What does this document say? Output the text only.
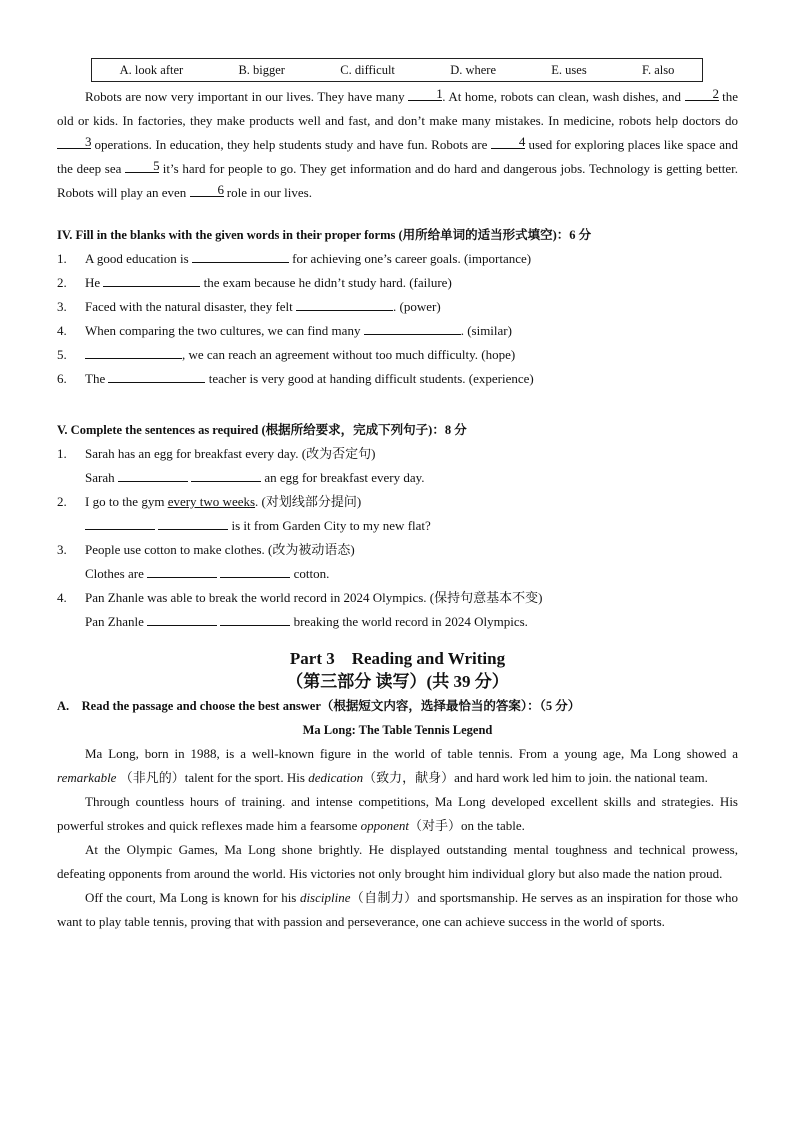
A. look after	B. bigger	C. difficult	D. where	E. uses	F. also

Robots are now very important in our lives. They have many	1 . At home, robots can clean, wash dishes, and	2 the old or kids. In factories, they make products well and fast, and don’t make many mistakes. In medicine, robots help doctors do
3 operations. In education, they help students study and have fun. Robots are	4 used for exploring places like space and the deep sea	5 it’s hard for people to go. They get information and do hard and dangerous jobs. Technology is getting better. Robots will play an even	6 role in our lives.

IV. Fill in the blanks with the given words in their proper forms (用所给单词的适当形式填空)：6 分

1.	A good education is	for achieving one’s career goals. (importance)
2.	He	the exam because he didn’t study hard. (failure)
3.	Faced with the natural disaster, they felt	. (power)
4.	When comparing the two cultures, we can find many	. (similar)
5.	, we can reach an agreement without too much difficulty. (hope)
6.	The	teacher is very good at handing difficult students. (experience)

V. Complete the sentences as required (根据所给要求，完成下列句子)：8 分

1.	Sarah has an egg for breakfast every day. (改为否定句)
Sarah	an egg for breakfast every day.
2.	I go to the gym every two weeks. (对划线部分提问)
is it from Garden City to my new flat?
3.	People use cotton to make clothes. (改为被动语态)
Clothes are	cotton.
4.	Pan Zhanle was able to break the world record in 2024 Olympics. (保持句意基本不变)
Pan Zhanle	breaking the world record in 2024 Olympics.
Part 3　Reading and Writing
（第三部分 读写）(共 39 分）

A.　Read the passage and choose the best answer（根据短文内容，选择最恰当的答案）：（5 分）

Ma Long: The Table Tennis Legend

Ma Long, born in 1988, is a well-known figure in the world of table tennis. From a young age, Ma Long showed a remarkable （非凡的）talent for the sport. His dedication（致力，献身）and hard work led him to join. the national team.

Through countless hours of training. and intense competitions, Ma Long developed excellent skills and strategies. His powerful strokes and quick reflexes made him a fearsome opponent（对手）on the table.

At the Olympic Games, Ma Long shone brightly. He displayed outstanding mental toughness and technical prowess, defeating opponents from around the world. His victories not only brought him individual glory but also made the nation proud.

Off the court, Ma Long is known for his discipline（自制力）and sportsmanship. He serves as an inspiration for those who want to play table tennis, proving that with passion and perseverance, one can achieve success in the world of sports.
